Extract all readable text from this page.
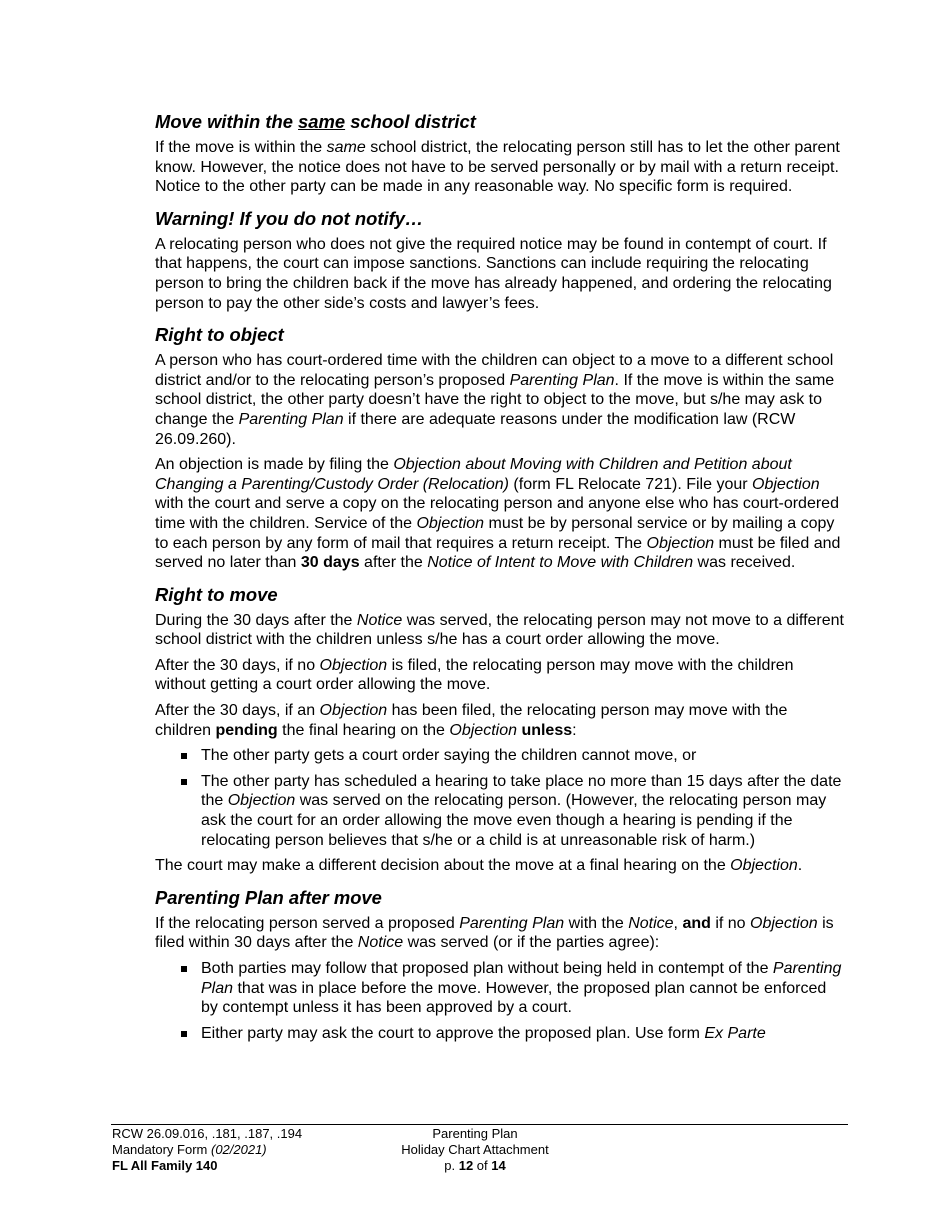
Move within the same school district

If the move is within the same school district, the relocating person still has to let the other parent know. However, the notice does not have to be served personally or by mail with a return receipt. Notice to the other party can be made in any reasonable way. No specific form is required.

Warning! If you do not notify…

A relocating person who does not give the required notice may be found in contempt of court. If that happens, the court can impose sanctions. Sanctions can include requiring the relocating person to bring the children back if the move has already happened, and ordering the relocating person to pay the other side’s costs and lawyer’s fees.

Right to object

A person who has court-ordered time with the children can object to a move to a different school district and/or to the relocating person’s proposed Parenting Plan. If the move is within the same school district, the other party doesn’t have the right to object to the move, but s/he may ask to change the Parenting Plan if there are adequate reasons under the modification law (RCW 26.09.260).

An objection is made by filing the Objection about Moving with Children and Petition about Changing a Parenting/Custody Order (Relocation) (form FL Relocate 721). File your Objection with the court and serve a copy on the relocating person and anyone else who has court-ordered time with the children. Service of the Objection must be by personal service or by mailing a copy to each person by any form of mail that requires a return receipt. The Objection must be filed and served no later than 30 days after the Notice of Intent to Move with Children was received.

Right to move

During the 30 days after the Notice was served, the relocating person may not move to a different school district with the children unless s/he has a court order allowing the move.

After the 30 days, if no Objection is filed, the relocating person may move with the children without getting a court order allowing the move.

After the 30 days, if an Objection has been filed, the relocating person may move with the children pending the final hearing on the Objection unless:

The other party gets a court order saying the children cannot move, or
The other party has scheduled a hearing to take place no more than 15 days after the date the Objection was served on the relocating person. (However, the relocating person may ask the court for an order allowing the move even though a hearing is pending if the relocating person believes that s/he or a child is at unreasonable risk of harm.)

The court may make a different decision about the move at a final hearing on the Objection.

Parenting Plan after move

If the relocating person served a proposed Parenting Plan with the Notice, and if no Objection is filed within 30 days after the Notice was served (or if the parties agree):

Both parties may follow that proposed plan without being held in contempt of the Parenting Plan that was in place before the move. However, the proposed plan cannot be enforced by contempt unless it has been approved by a court.
Either party may ask the court to approve the proposed plan. Use form Ex Parte
RCW 26.09.016, .181, .187, .194
Mandatory Form (02/2021)
FL All Family 140
Parenting Plan
Holiday Chart Attachment
p. 12 of 14
